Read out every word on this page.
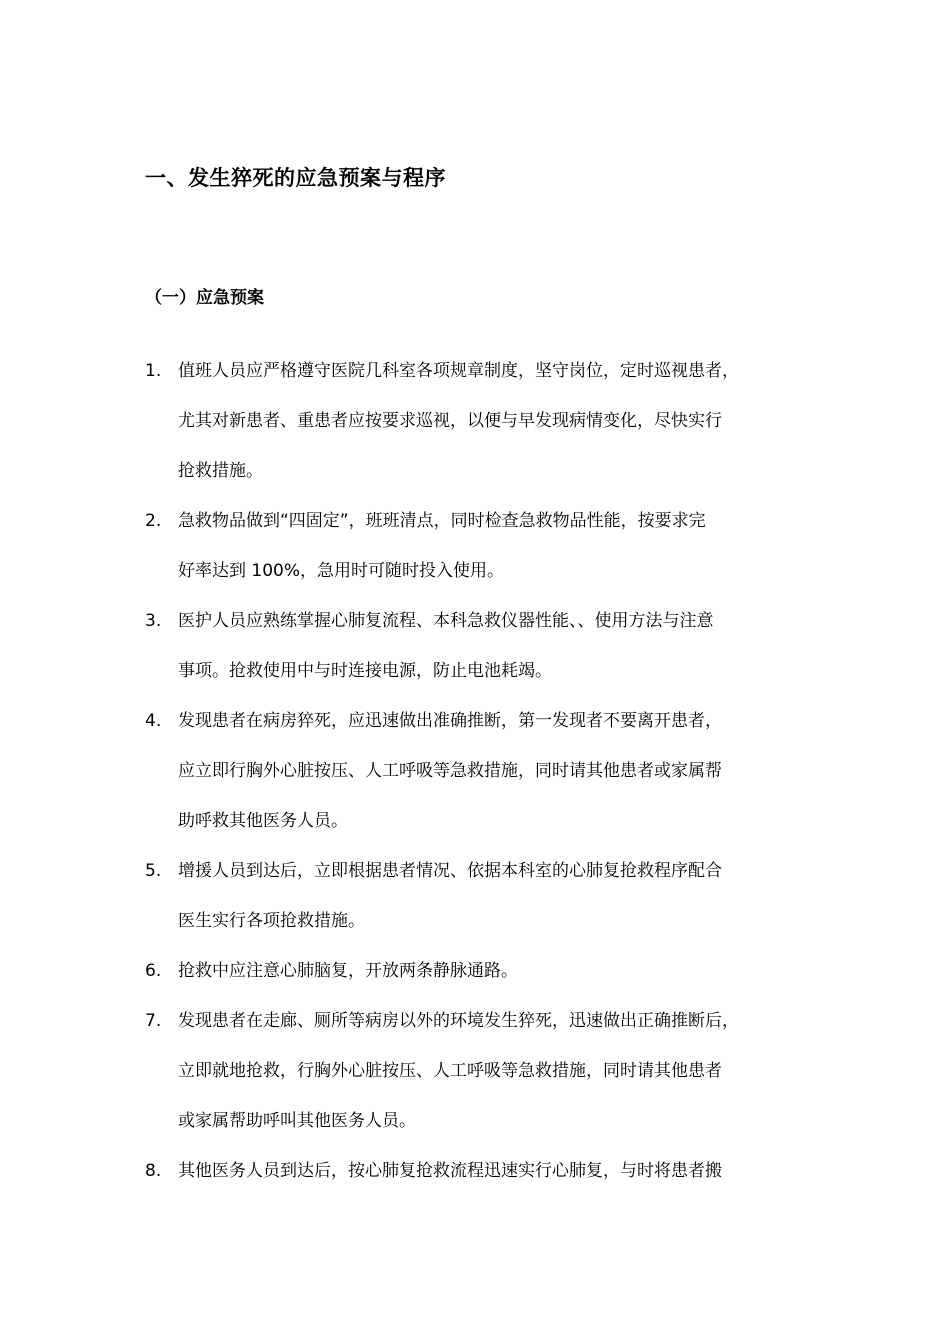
一、发生猝死的应急预案与程序
（一）应急预案
1. 值班人员应严格遵守医院几科室各项规章制度，坚守岗位，定时巡视患者，
尤其对新患者、重患者应按要求巡视，以便与早发现病情变化，尽快实行
抢救措施。
2. 急救物品做到“四固定”，班班清点，同时检查急救物品性能，按要求完
好率达到 100%，急用时可随时投入使用。
3. 医护人员应熟练掌握心肺复流程、本科急救仪器性能、、使用方法与注意
事项。抢救使用中与时连接电源，防止电池耗竭。
4. 发现患者在病房猝死，应迅速做出准确推断，第一发现者不要离开患者，
应立即行胸外心脏按压、人工呼吸等急救措施，同时请其他患者或家属帮
助呼救其他医务人员。
5. 增援人员到达后，立即根据患者情况、依据本科室的心肺复抢救程序配合
医生实行各项抢救措施。
6. 抢救中应注意心肺脑复，开放两条静脉通路。
7. 发现患者在走廊、厕所等病房以外的环境发生猝死，迅速做出正确推断后，
立即就地抢救，行胸外心脏按压、人工呼吸等急救措施，同时请其他患者
或家属帮助呼叫其他医务人员。
8. 其他医务人员到达后，按心肺复抢救流程迅速实行心肺复，与时将患者搬
